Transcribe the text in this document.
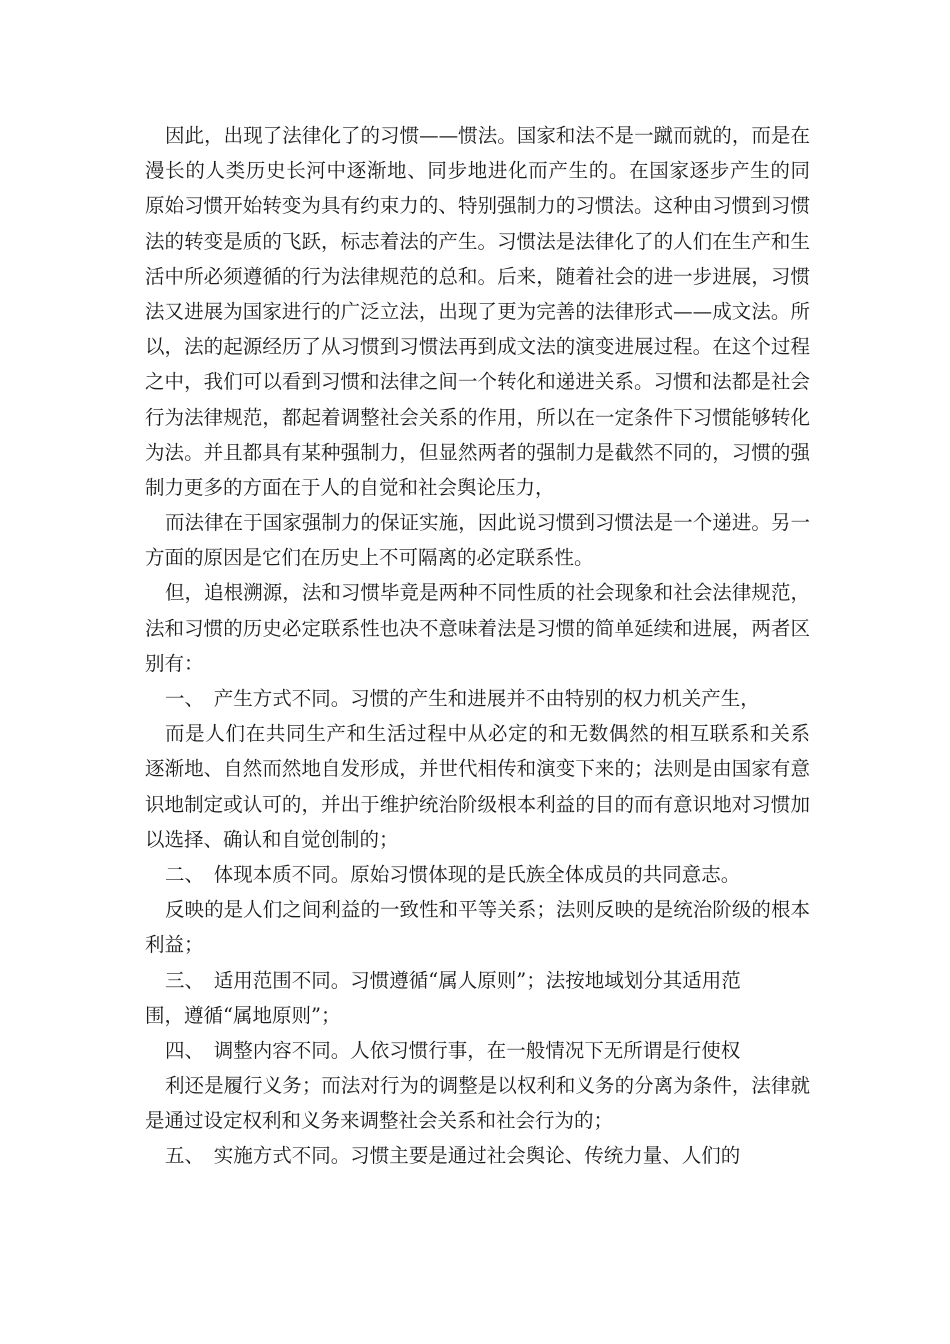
因此，出现了法律化了的习惯——惯法。国家和法不是一蹴而就的，而是在
漫长的人类历史长河中逐渐地、同步地进化而产生的。在国家逐步产生的同
原始习惯开始转变为具有约束力的、特别强制力的习惯法。这种由习惯到习惯
法的转变是质的飞跃，标志着法的产生。习惯法是法律化了的人们在生产和生
活中所必须遵循的行为法律规范的总和。后来，随着社会的进一步进展，习惯
法又进展为国家进行的广泛立法，出现了更为完善的法律形式——成文法。所
以，法的起源经历了从习惯到习惯法再到成文法的演变进展过程。在这个过程
之中，我们可以看到习惯和法律之间一个转化和递进关系。习惯和法都是社会
行为法律规范，都起着调整社会关系的作用，所以在一定条件下习惯能够转化
为法。并且都具有某种强制力，但显然两者的强制力是截然不同的，习惯的强
制力更多的方面在于人的自觉和社会舆论压力，
而法律在于国家强制力的保证实施，因此说习惯到习惯法是一个递进。另一
方面的原因是它们在历史上不可隔离的必定联系性。
但，追根溯源，法和习惯毕竟是两种不同性质的社会现象和社会法律规范，
法和习惯的历史必定联系性也决不意味着法是习惯的简单延续和进展，两者区
别有：
一、　产生方式不同。习惯的产生和进展并不由特别的权力机关产生，
而是人们在共同生产和生活过程中从必定的和无数偶然的相互联系和关系
逐渐地、自然而然地自发形成，并世代相传和演变下来的；法则是由国家有意
识地制定或认可的，并出于维护统治阶级根本利益的目的而有意识地对习惯加
以选择、确认和自觉创制的；
二、　体现本质不同。原始习惯体现的是氏族全体成员的共同意志。
反映的是人们之间利益的一致性和平等关系；法则反映的是统治阶级的根本
利益；
三、　适用范围不同。习惯遵循“属人原则”；法按地域划分其适用范
围，遵循“属地原则”；
四、　调整内容不同。人依习惯行事，在一般情况下无所谓是行使权
利还是履行义务；而法对行为的调整是以权利和义务的分离为条件，法律就
是通过设定权利和义务来调整社会关系和社会行为的；
五、　实施方式不同。习惯主要是通过社会舆论、传统力量、人们的
